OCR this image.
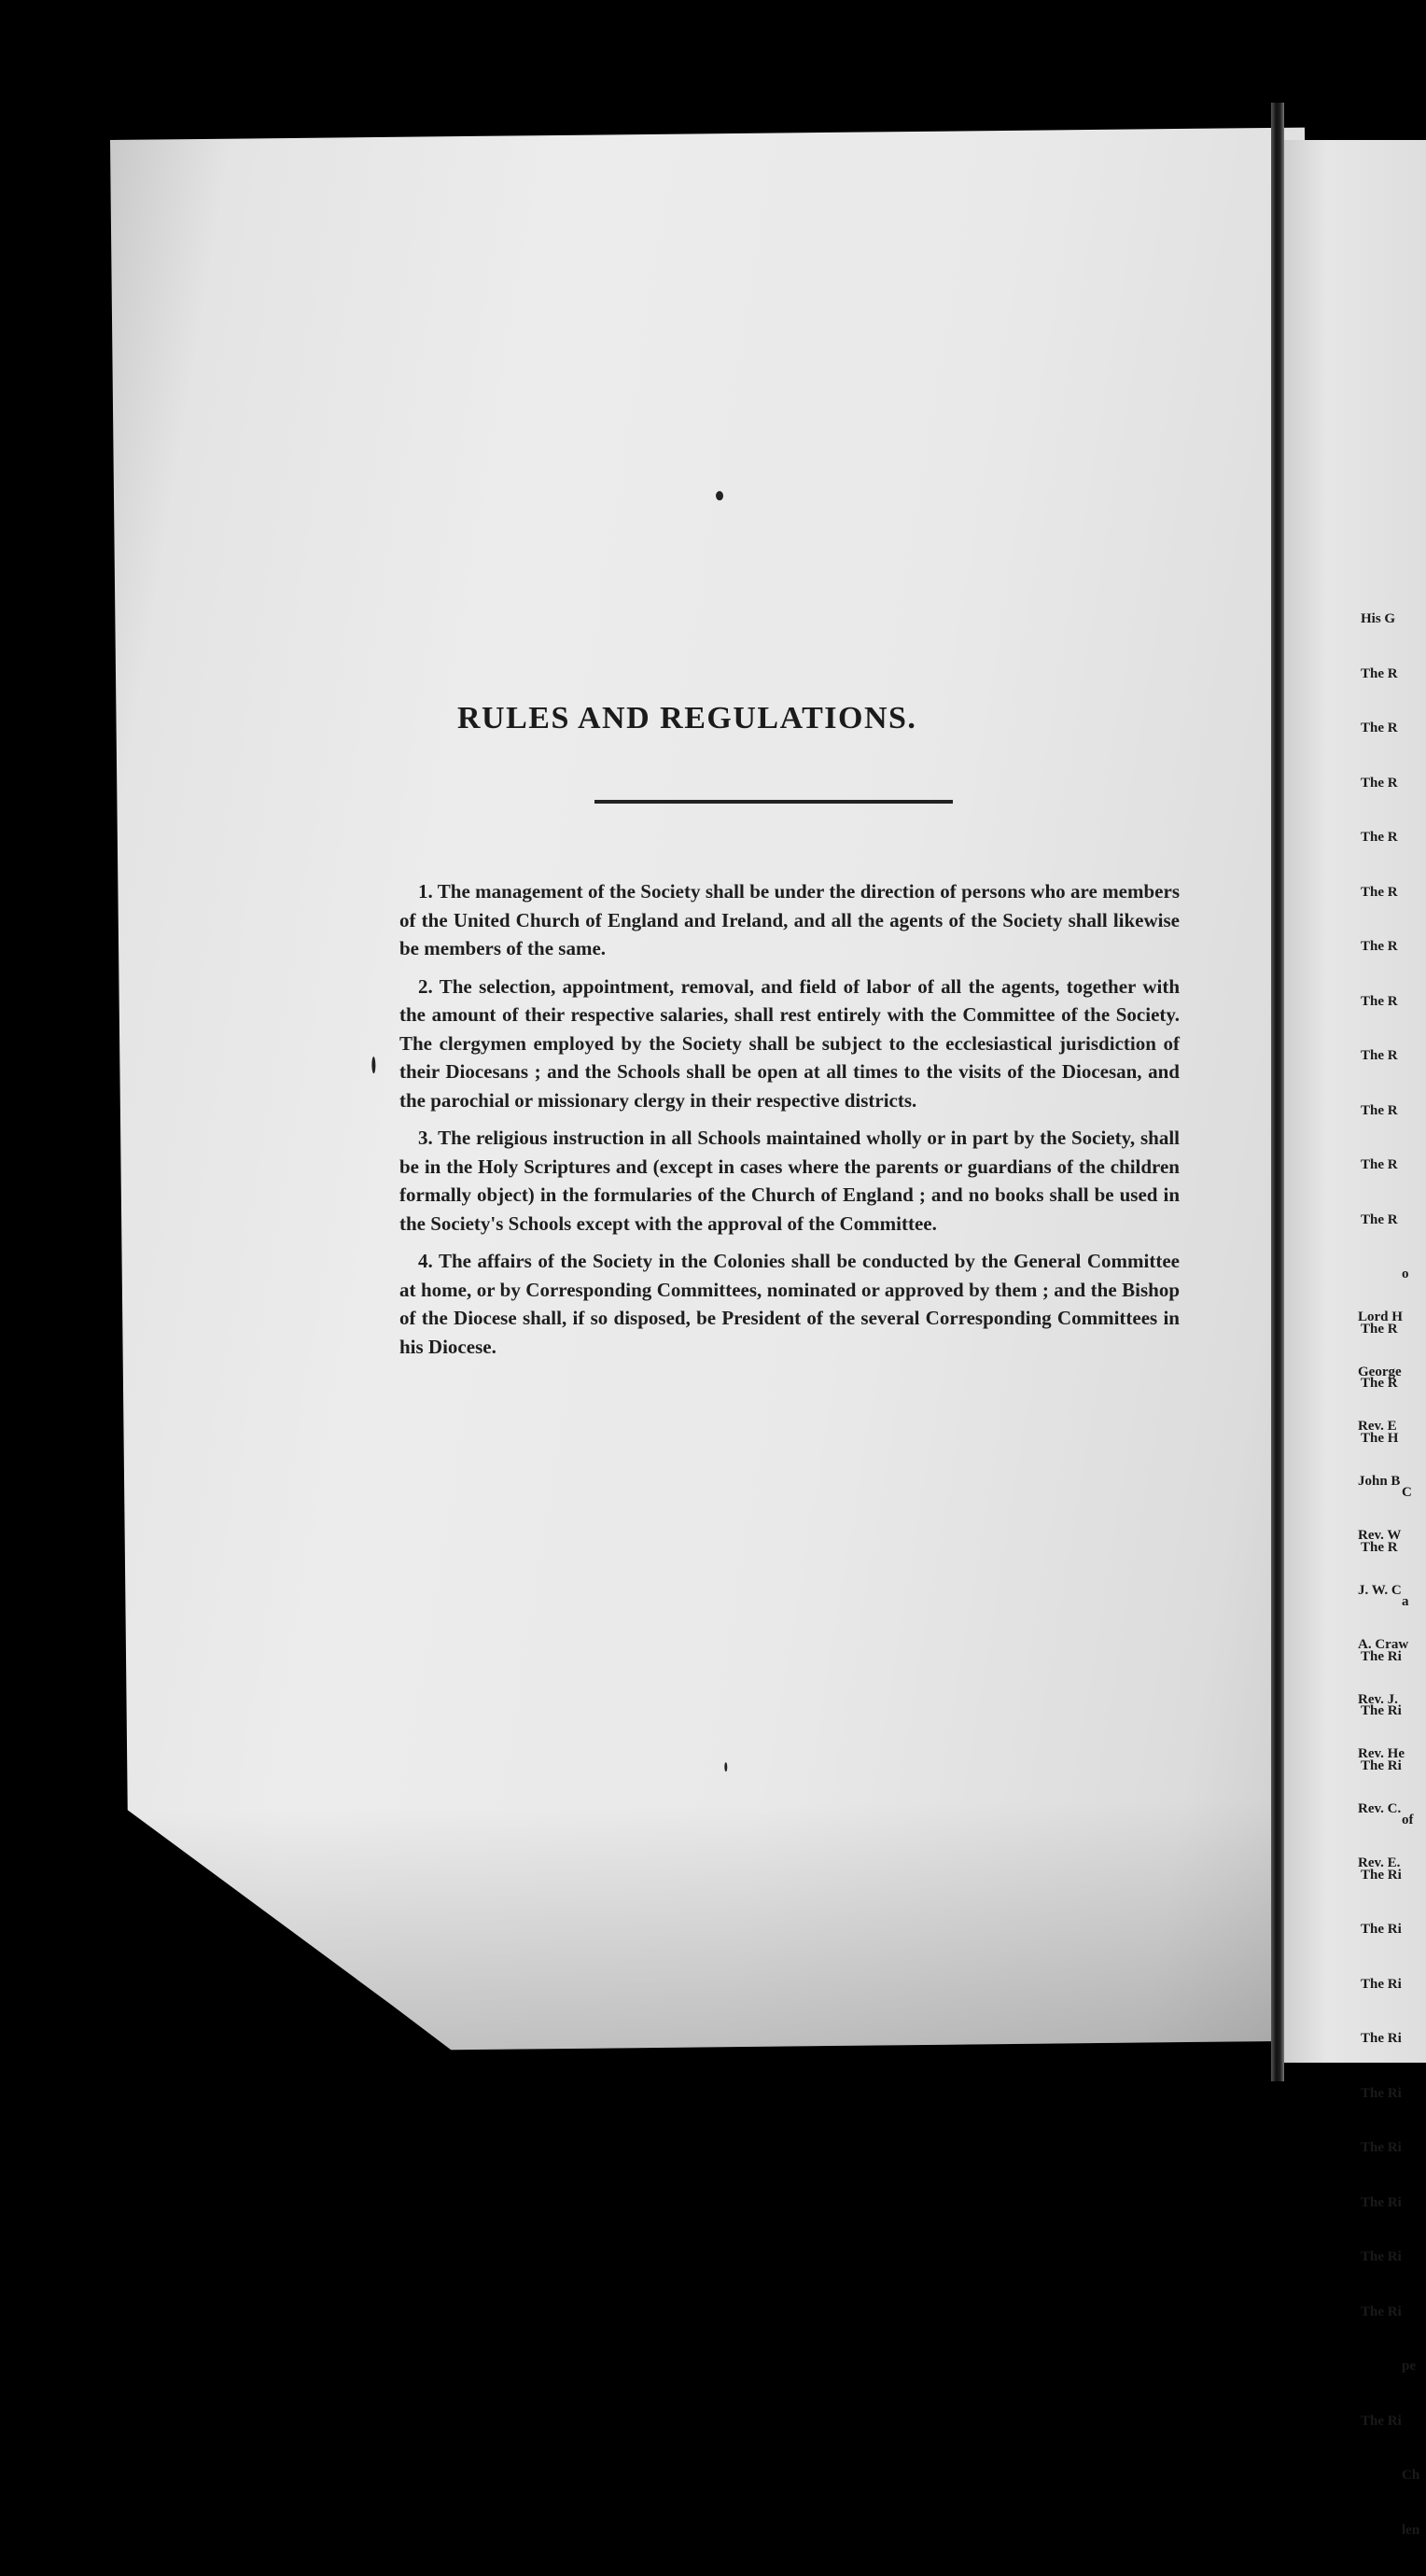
RULES AND REGULATIONS.

1. The management of the Society shall be under the direction of persons who are members of the United Church of England and Ireland, and all the agents of the Society shall likewise be members of the same.

2. The selection, appointment, removal, and field of labor of all the agents, together with the amount of their respective salaries, shall rest entirely with the Committee of the Society. The clergymen employed by the Society shall be subject to the ecclesiastical jurisdiction of their Diocesans ; and the Schools shall be open at all times to the visits of the Diocesan, and the parochial or missionary clergy in their respective districts.

3. The religious instruction in all Schools maintained wholly or in part by the Society, shall be in the Holy Scriptures and (except in cases where the parents or guardians of the children formally object) in the formularies of the Church of England ; and no books shall be used in the Society's Schools except with the approval of the Committee.

4. The affairs of the Society in the Colonies shall be conducted by the General Committee at home, or by Corresponding Committees, nominated or approved by them ; and the Bishop of the Diocese shall, if so disposed, be President of the several Corresponding Committees in his Diocese.

His G

The R

The R

The R

The R

The R

The R

The R

The R

The R

The R

The R

o

The R

The R

The H

C

The R

a

The Ri

The Ri

The Ri

of

The Ri

The Ri

The Ri

The Ri

The Ri

The Ri

The Ri

The Ri

The Ri

pe

The Ri

Ch

len

Lord H

George

Rev. E

John B

Rev. W

J. W. C

A. Craw

Rev. J.

Rev. He

Rev. C.

Rev. E.
